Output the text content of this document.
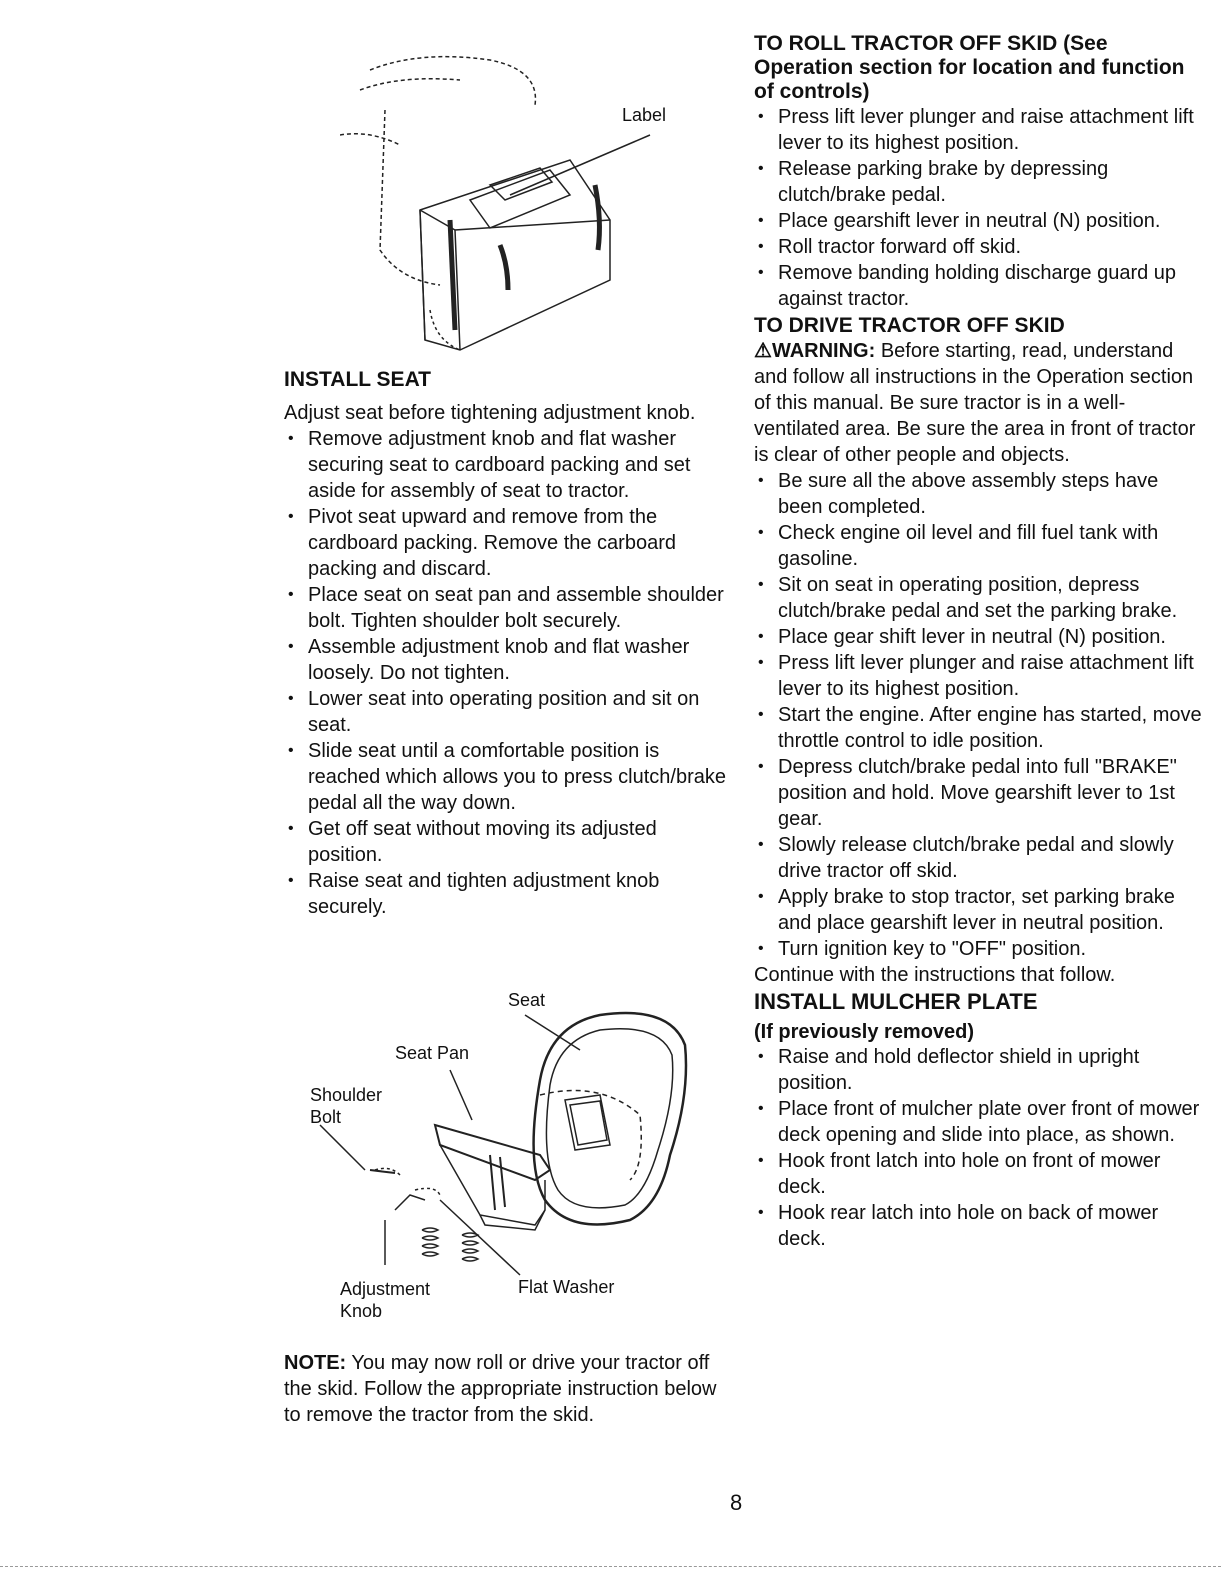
Label
INSTALL SEAT

Adjust seat before tightening adjustment knob.

• Remove adjustment knob and flat washer securing seat to cardboard packing and set aside for assembly of seat to tractor.
• Pivot seat upward and remove from the cardboard packing. Remove the carboard packing and discard.
• Place seat on seat pan and assemble shoulder bolt. Tighten shoulder bolt securely.
• Assemble adjustment knob and flat washer loosely. Do not tighten.
• Lower seat into operating position and sit on seat.
• Slide seat until a comfortable position is reached which allows you to press clutch/brake pedal all the way down.
• Get off seat without moving its adjusted position.
• Raise seat and tighten adjustment knob securely.
Seat
Seat Pan
Shoulder
Bolt
Adjustment
Knob
Flat Washer
NOTE: You may now roll or drive your tractor off the skid. Follow the appropriate instruction below to remove the tractor from the skid.
TO ROLL TRACTOR OFF SKID (See Operation section for location and function of controls)
• Press lift lever plunger and raise attachment lift lever to its highest position.
• Release parking brake by depressing clutch/brake pedal.
• Place gearshift lever in neutral (N) position.
• Roll tractor forward off skid.
• Remove banding holding discharge guard up against tractor.
TO DRIVE TRACTOR OFF SKID

⚠WARNING: Before starting, read, understand and follow all instructions in the Operation section of this manual. Be sure tractor is in a well-ventilated area. Be sure the area in front of tractor is clear of other people and objects.

• Be sure all the above assembly steps have been completed.
• Check engine oil level and fill fuel tank with gasoline.
• Sit on seat in operating position, depress clutch/brake pedal and set the parking brake.
• Place gear shift lever in neutral (N) position.
• Press lift lever plunger and raise attachment lift lever to its highest position.
• Start the engine. After engine has started, move throttle control to idle position.
• Depress clutch/brake pedal into full "BRAKE" position and hold. Move gearshift lever to 1st gear.
• Slowly release clutch/brake pedal and slowly drive tractor off skid.
• Apply brake to stop tractor, set parking brake and place gearshift lever in neutral position.
• Turn ignition key to "OFF" position.

Continue with the instructions that follow.

INSTALL MULCHER PLATE
(If previously removed)
• Raise and hold deflector shield in upright position.
• Place front of mulcher plate over front of mower deck opening and slide into place, as shown.
• Hook front latch into hole on front of mower deck.
• Hook rear latch into hole on back of mower deck.
8
